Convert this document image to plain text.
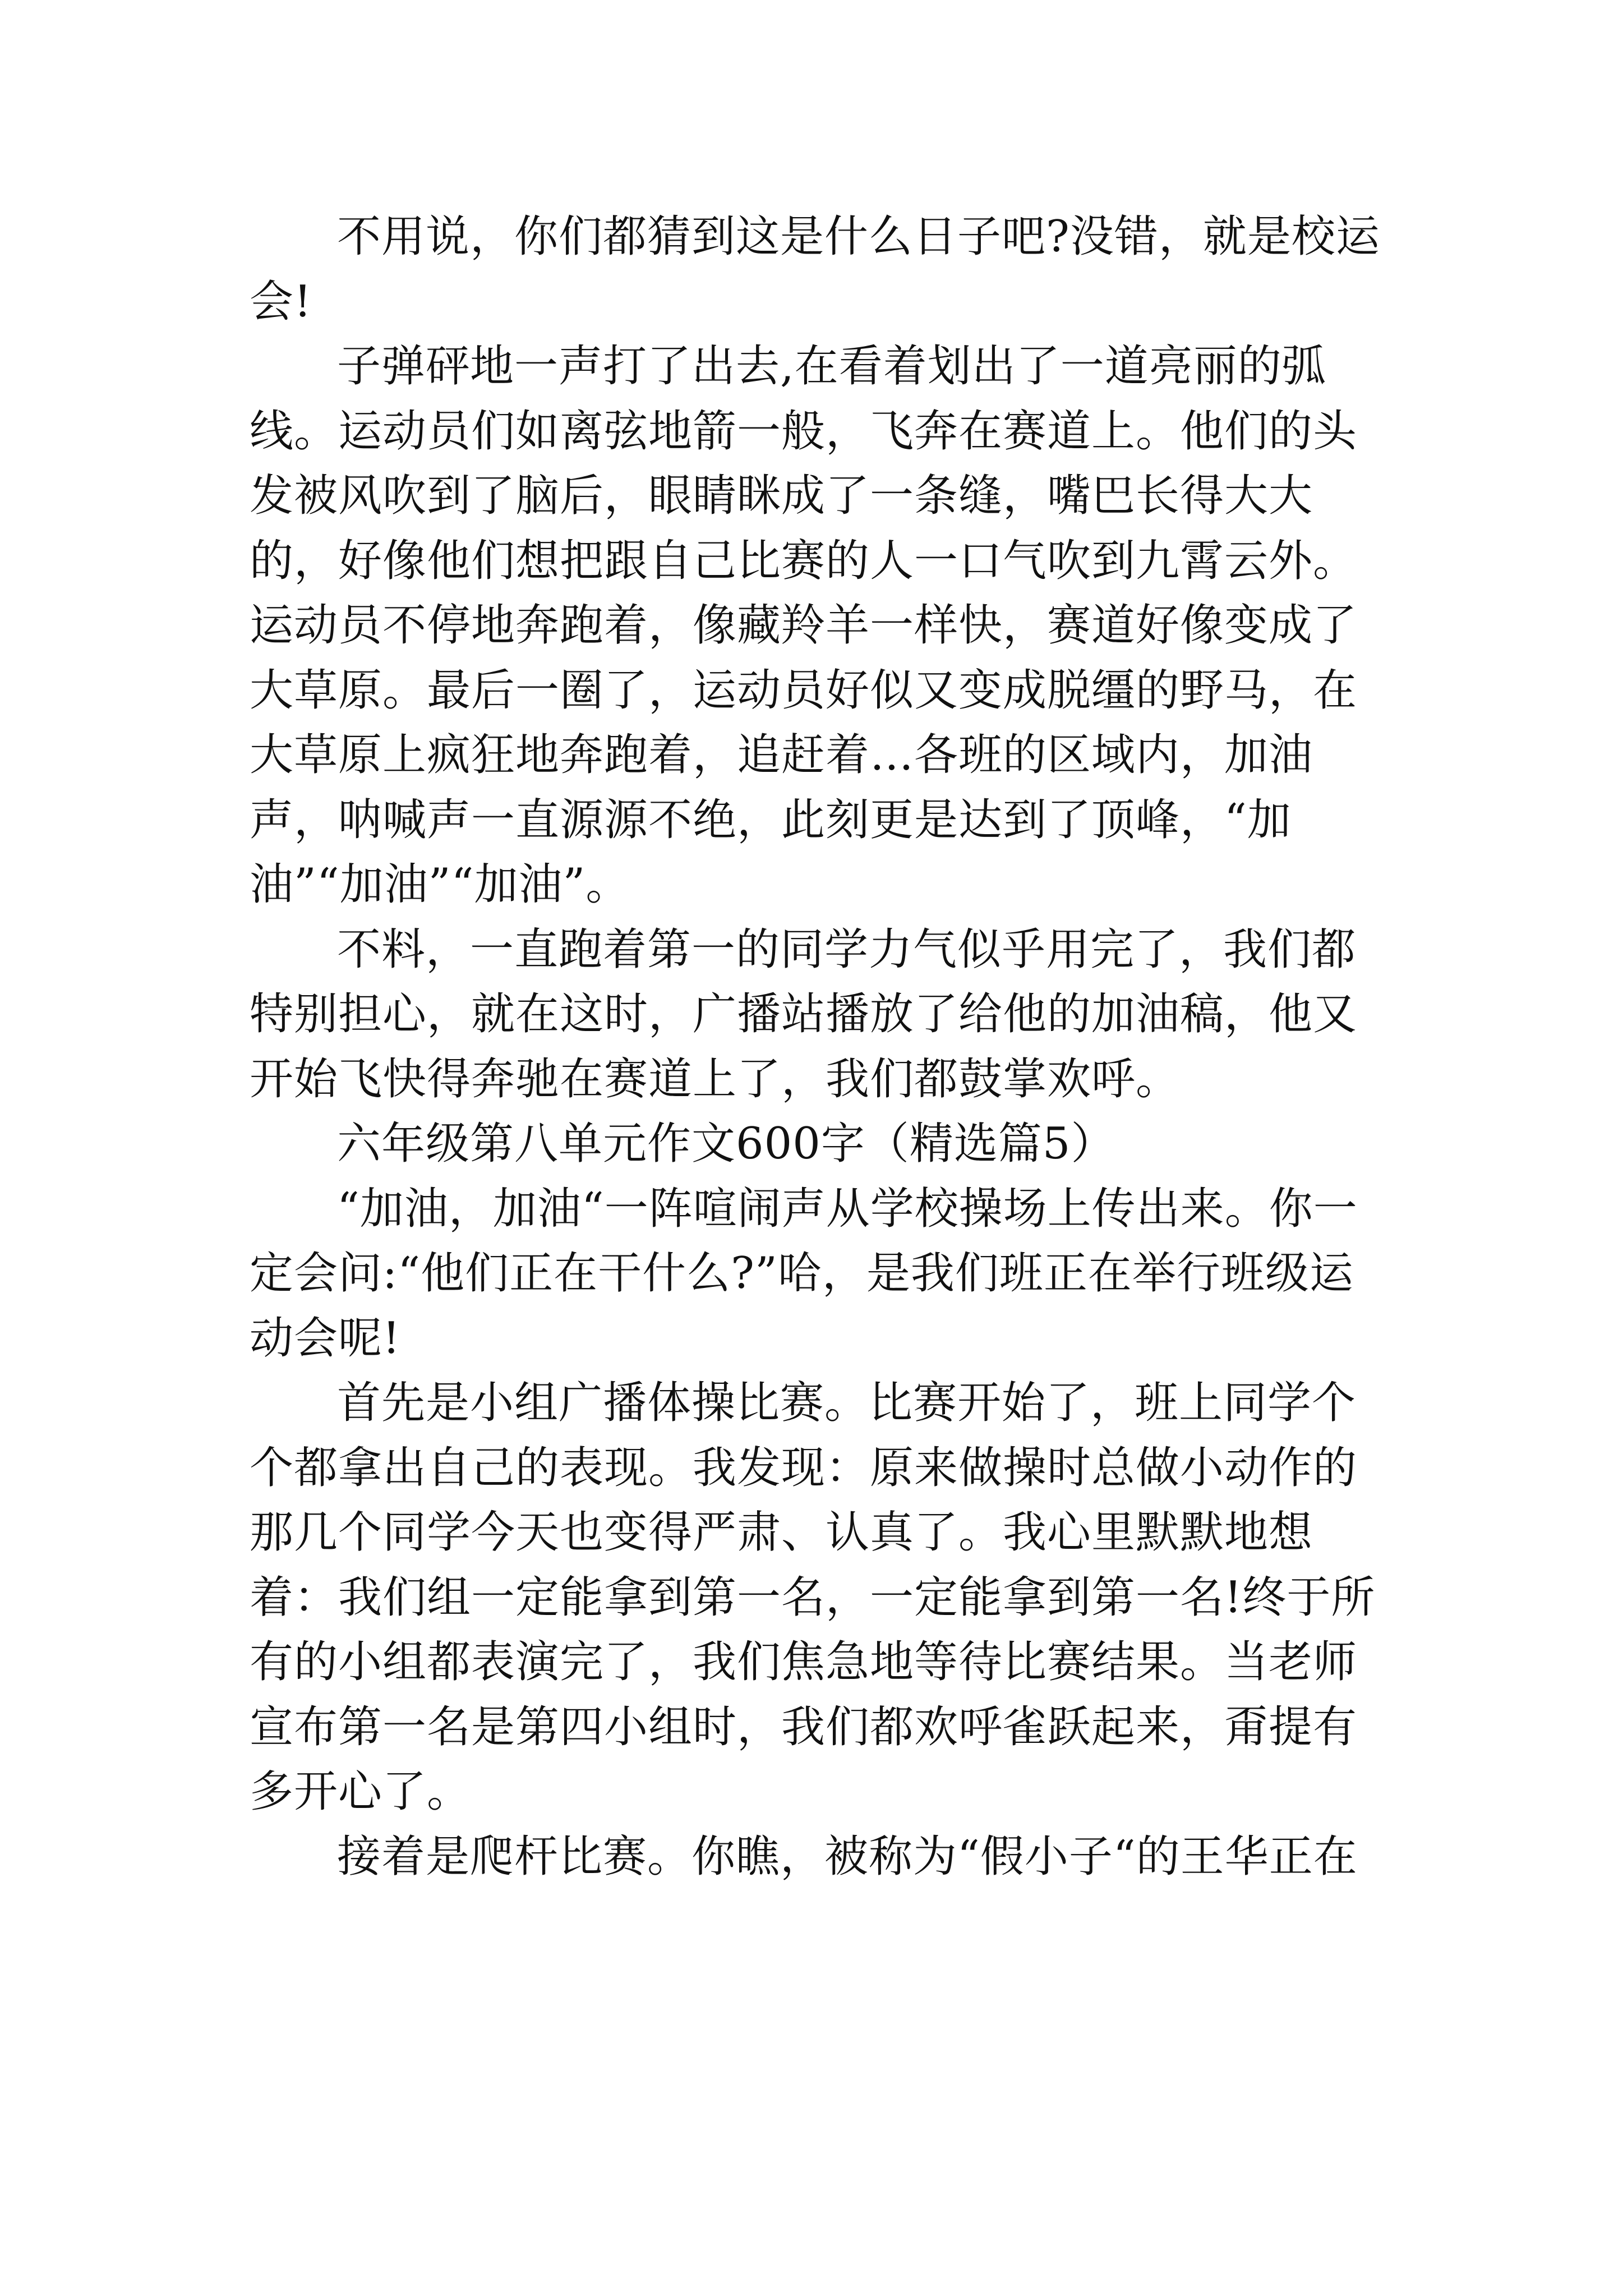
不用说，你们都猜到这是什么日子吧?没错，就是校运会!

子弹砰地一声打了出去,在看着划出了一道亮丽的弧线。运动员们如离弦地箭一般，飞奔在赛道上。他们的头发被风吹到了脑后，眼睛眯成了一条缝，嘴巴长得大大的，好像他们想把跟自己比赛的人一口气吹到九霄云外。运动员不停地奔跑着，像藏羚羊一样快，赛道好像变成了大草原。最后一圈了，运动员好似又变成脱缰的野马，在大草原上疯狂地奔跑着，追赶着…各班的区域内，加油声，呐喊声一直源源不绝，此刻更是达到了顶峰，“加油”“加油”“加油”。

不料，一直跑着第一的同学力气似乎用完了，我们都特别担心，就在这时，广播站播放了给他的加油稿，他又开始飞快得奔驰在赛道上了，我们都鼓掌欢呼。

六年级第八单元作文600字（精选篇5）

“加油，加油“一阵喧闹声从学校操场上传出来。你一定会问:“他们正在干什么?”哈，是我们班正在举行班级运动会呢!

首先是小组广播体操比赛。比赛开始了，班上同学个个都拿出自己的表现。我发现：原来做操时总做小动作的那几个同学今天也变得严肃、认真了。我心里默默地想着：我们组一定能拿到第一名，一定能拿到第一名!终于所有的小组都表演完了，我们焦急地等待比赛结果。当老师宣布第一名是第四小组时，我们都欢呼雀跃起来，甭提有多开心了。

接着是爬杆比赛。你瞧，被称为“假小子“的王华正在
